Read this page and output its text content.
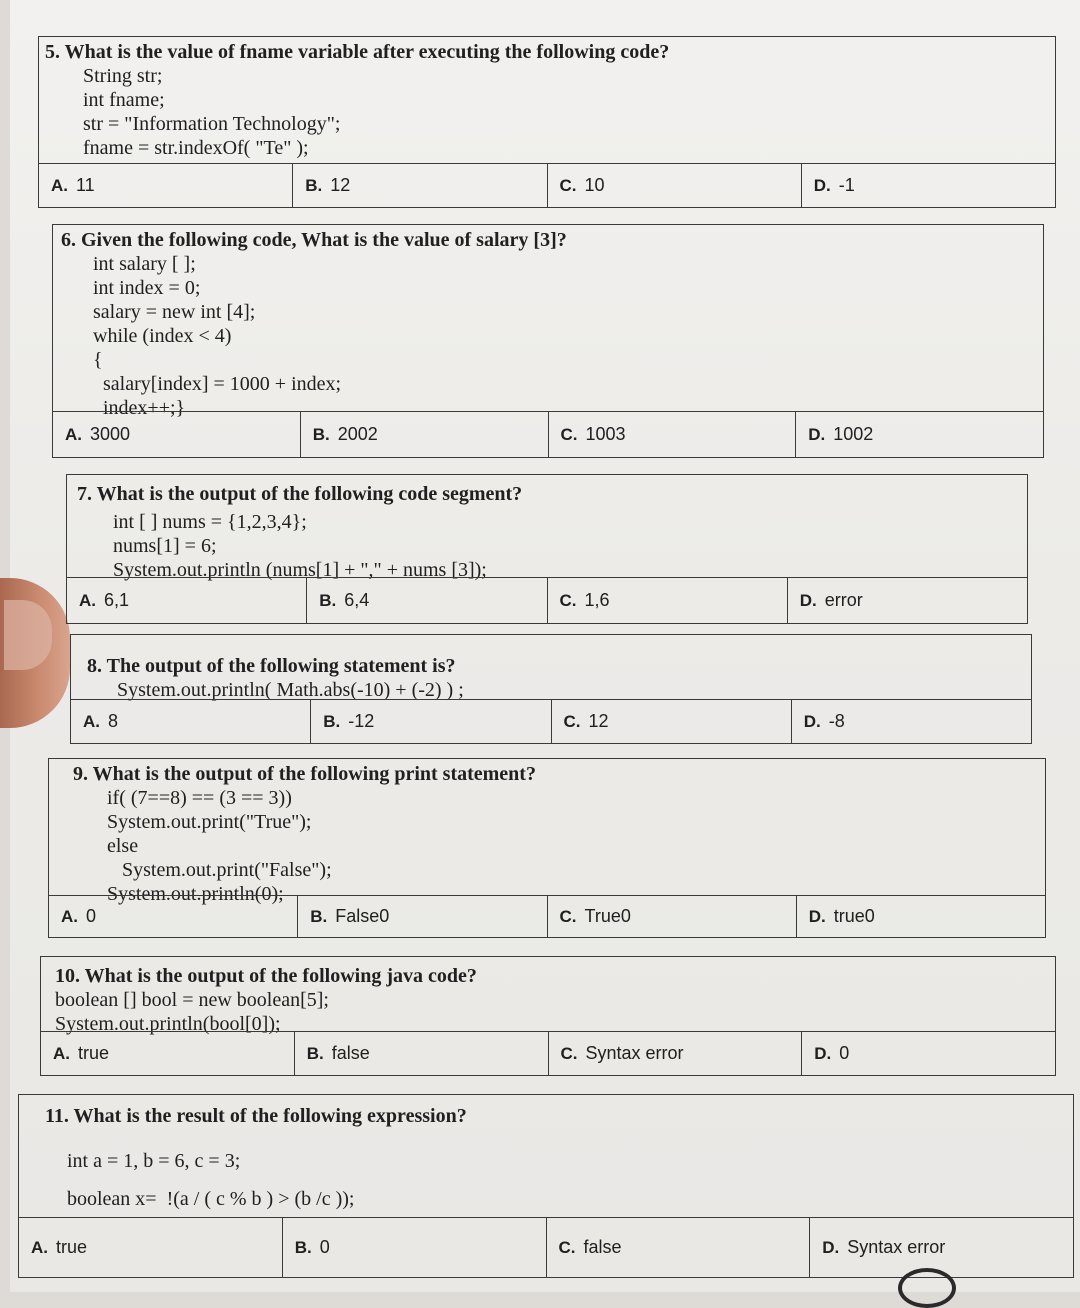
5. What is the value of fname variable after executing the following code?
String str;
int fname;
str = "Information Technology";
fname = str.indexOf( "Te" );
A. 11	B. 12	C. 10	D. -1
6. Given the following code, What is the value of salary [3]?
int salary [ ];
int index = 0;
salary = new int [4];
while (index < 4)
{
salary[index] = 1000 + index;
index++;}
A. 3000	B. 2002	C. 1003	D. 1002
7. What is the output of the following code segment?
int [ ] nums = {1,2,3,4};
nums[1] = 6;
System.out.println (nums[1] + "," + nums [3]);
A. 6,1	B. 6,4	C. 1,6	D. error
8. The output of the following statement is?
System.out.println( Math.abs(-10) + (-2) ) ;
A. 8	B. -12	C. 12	D. -8
9. What is the output of the following print statement?
if( (7==8) == (3 == 3))
System.out.print("True");
else
System.out.print("False");
System.out.println(0);
A. 0	B. False0	C. True0	D. true0
10. What is the output of the following java code?
boolean [] bool = new boolean[5];
System.out.println(bool[0]);
A. true	B. false	C. Syntax error	D. 0
11. What is the result of the following expression?
int a = 1, b = 6, c = 3;
boolean x=  !(a / ( c % b ) > (b /c ));
A. true	B. 0	C. false	D. Syntax error
